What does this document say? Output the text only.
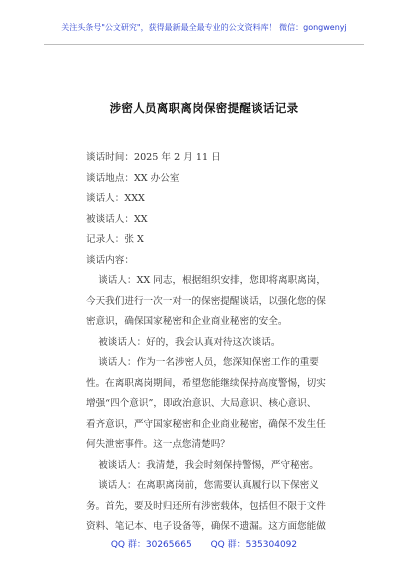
关注头条号"公文研究"，获得最新最全最专业的公文资料库！ 微信：gongwenyj
涉密人员离职离岗保密提醒谈话记录

谈话时间：2025 年 2 月 11 日

谈话地点：XX 办公室

谈话人：XXX

被谈话人：XX

记录人：张 X

谈话内容：

谈话人：XX 同志，根据组织安排，您即将离职离岗，

今天我们进行一次一对一的保密提醒谈话，以强化您的保

密意识，确保国家秘密和企业商业秘密的安全。

被谈话人：好的，我会认真对待这次谈话。

谈话人：作为一名涉密人员，您深知保密工作的重要

性。在离职离岗期间，希望您能继续保持高度警惕，切实

增强“四个意识”，即政治意识、大局意识、核心意识、

看齐意识，严守国家秘密和企业商业秘密，确保不发生任

何失泄密事件。这一点您清楚吗？

被谈话人：我清楚，我会时刻保持警惕，严守秘密。

谈话人：在离职离岗前，您需要认真履行以下保密义

务。首先，要及时归还所有涉密载体，包括但不限于文件

资料、笔记本、电子设备等，确保不遗漏。这方面您能做

QQ 群：30265665 QQ 群：535304092
